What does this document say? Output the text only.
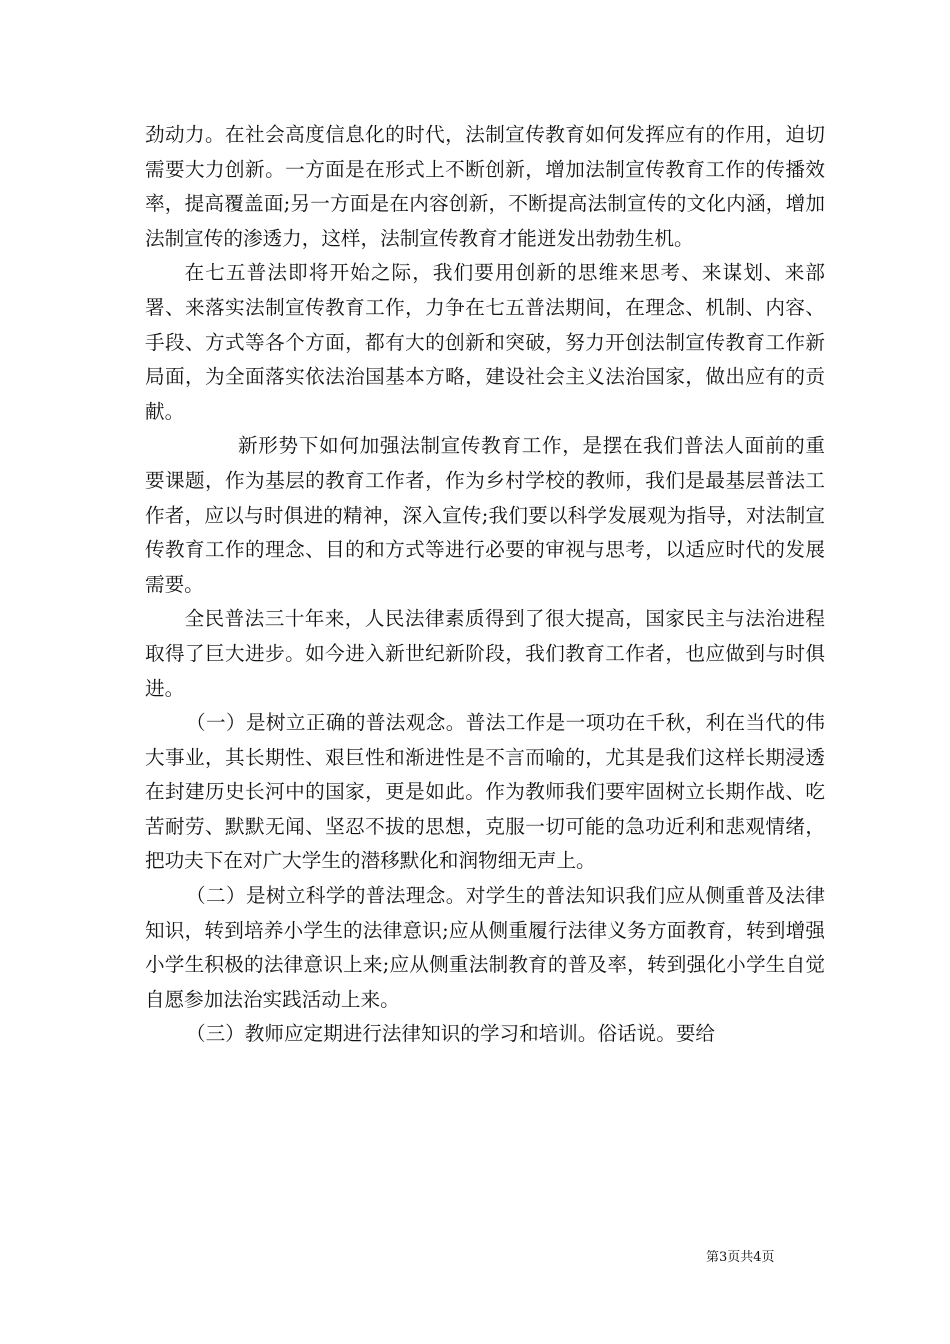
劲动力。在社会高度信息化的时代，法制宣传教育如何发挥应有的作用，迫切需要大力创新。一方面是在形式上不断创新，增加法制宣传教育工作的传播效率，提高覆盖面;另一方面是在内容创新，不断提高法制宣传的文化内涵，增加法制宣传的渗透力，这样，法制宣传教育才能迸发出勃勃生机。

在七五普法即将开始之际，我们要用创新的思维来思考、来谋划、来部署、来落实法制宣传教育工作，力争在七五普法期间，在理念、机制、内容、手段、方式等各个方面，都有大的创新和突破，努力开创法制宣传教育工作新局面，为全面落实依法治国基本方略，建设社会主义法治国家，做出应有的贡献。

新形势下如何加强法制宣传教育工作，是摆在我们普法人面前的重要课题，作为基层的教育工作者，作为乡村学校的教师，我们是最基层普法工作者，应以与时俱进的精神，深入宣传;我们要以科学发展观为指导，对法制宣传教育工作的理念、目的和方式等进行必要的审视与思考，以适应时代的发展需要。

全民普法三十年来，人民法律素质得到了很大提高，国家民主与法治进程取得了巨大进步。如今进入新世纪新阶段，我们教育工作者，也应做到与时俱进。

（一）是树立正确的普法观念。普法工作是一项功在千秋，利在当代的伟大事业，其长期性、艰巨性和渐进性是不言而喻的，尤其是我们这样长期浸透在封建历史长河中的国家，更是如此。作为教师我们要牢固树立长期作战、吃苦耐劳、默默无闻、坚忍不拔的思想，克服一切可能的急功近利和悲观情绪，把功夫下在对广大学生的潜移默化和润物细无声上。

（二）是树立科学的普法理念。对学生的普法知识我们应从侧重普及法律知识，转到培养小学生的法律意识;应从侧重履行法律义务方面教育，转到增强小学生积极的法律意识上来;应从侧重法制教育的普及率，转到强化小学生自觉自愿参加法治实践活动上来。

（三）教师应定期进行法律知识的学习和培训。俗话说。要给

第3页共4页
